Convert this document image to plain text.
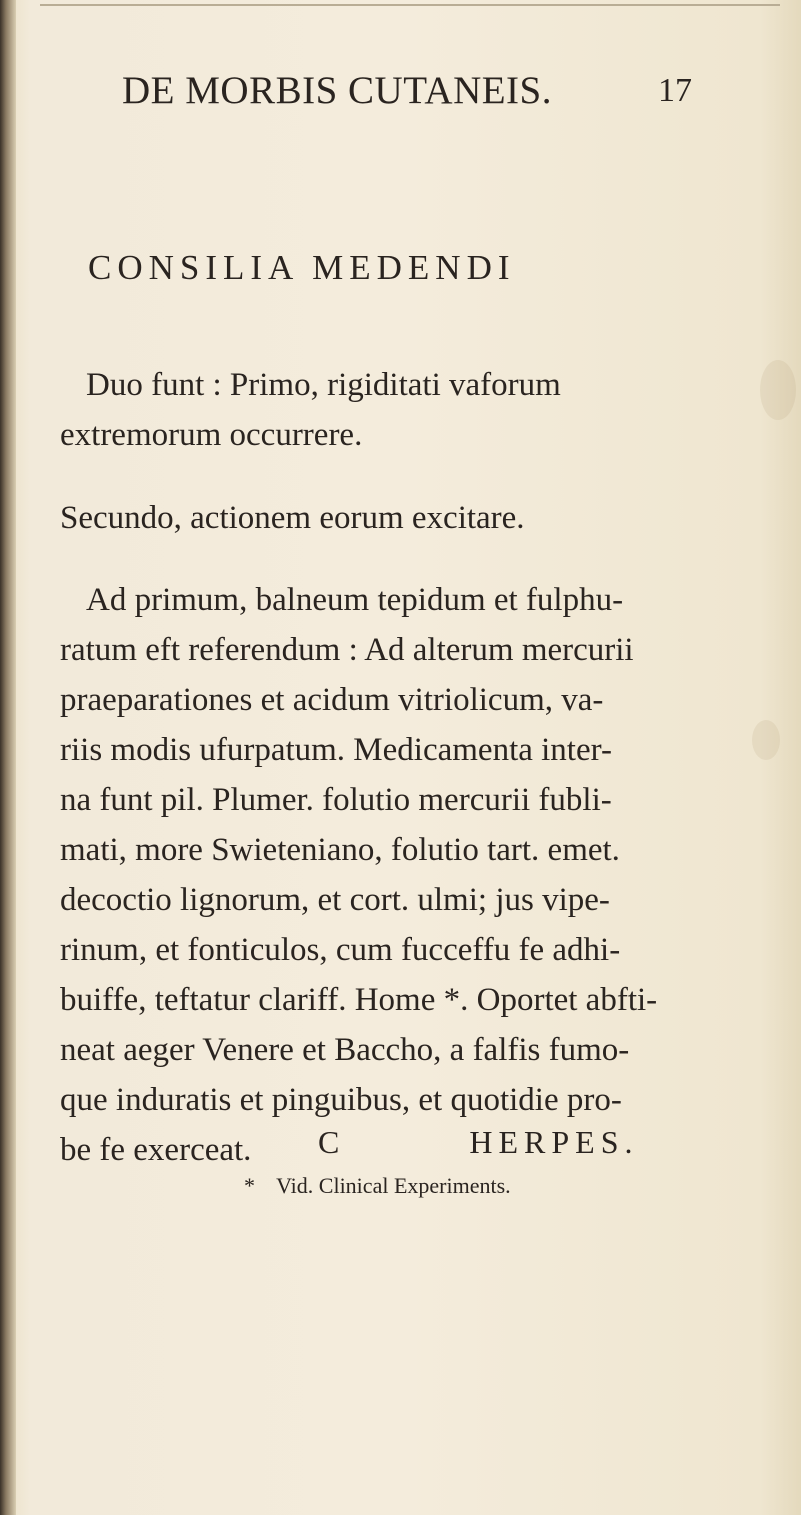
DE MORBIS CUTANEIS.	17
CONSILIA MEDENDI
Duo funt : Primo, rigiditati vaforum
extremorum occurrere.
Secundo, actionem eorum excitare.
Ad primum, balneum tepidum et fulphu-
ratum eft referendum : Ad alterum mercurii
praeparationes et acidum vitriolicum, va-
riis modis ufurpatum. Medicamenta inter-
na funt pil. Plumer. folutio mercurii fubli-
mati, more Swieteniano, folutio tart. emet.
decoctio lignorum, et cort. ulmi; jus vipe-
rinum, et fonticulos, cum fucceffu fe adhi-
buiffe, teftatur clariff. Home *. Oportet abfti-
neat aeger Venere et Baccho, a falfis fumo-
que induratis et pinguibus, et quotidie pro-
be fe exerceat.	C	HERPES.
* Vid. Clinical Experiments.
